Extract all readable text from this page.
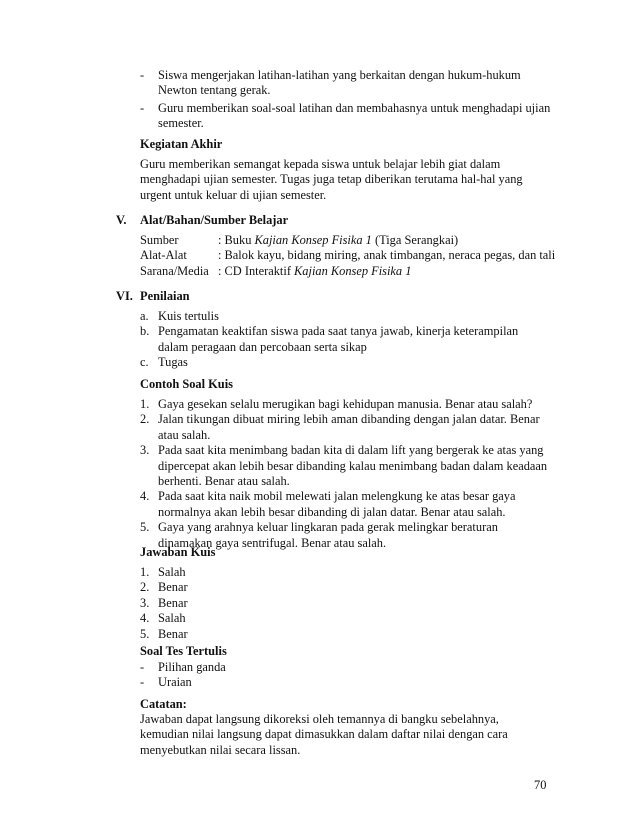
- Siswa mengerjakan latihan-latihan yang berkaitan dengan hukum-hukum Newton tentang gerak.
- Guru memberikan soal-soal latihan dan membahasnya untuk menghadapi ujian semester.
Kegiatan Akhir
Guru memberikan semangat kepada siswa untuk belajar lebih giat dalam menghadapi ujian semester. Tugas juga tetap diberikan terutama hal-hal yang urgent untuk keluar di ujian semester.
V. Alat/Bahan/Sumber Belajar
Sumber	: Buku Kajian Konsep Fisika 1 (Tiga Serangkai)
Alat-Alat	: Balok kayu, bidang miring, anak timbangan, neraca pegas, dan tali
Sarana/Media : CD Interaktif Kajian Konsep Fisika 1
VI. Penilaian
a. Kuis tertulis
b. Pengamatan keaktifan siswa pada saat tanya jawab, kinerja keterampilan dalam peragaan dan percobaan serta sikap
c. Tugas
Contoh Soal Kuis
1. Gaya gesekan selalu merugikan bagi kehidupan manusia. Benar atau salah?
2. Jalan tikungan dibuat miring lebih aman dibanding dengan jalan datar. Benar atau salah.
3. Pada saat kita menimbang badan kita di dalam lift yang bergerak ke atas yang dipercepat akan lebih besar dibanding kalau menimbang badan dalam keadaan berhenti. Benar atau salah.
4. Pada saat kita naik mobil melewati jalan melengkung ke atas besar gaya normalnya akan lebih besar dibanding di jalan datar. Benar atau salah.
5. Gaya yang arahnya keluar lingkaran pada gerak melingkar beraturan dinamakan gaya sentrifugal. Benar atau salah.
Jawaban Kuis
1. Salah
2. Benar
3. Benar
4. Salah
5. Benar
Soal Tes Tertulis
- Pilihan ganda
- Uraian
Catatan:
Jawaban dapat langsung dikoreksi oleh temannya di bangku sebelahnya, kemudian nilai langsung dapat dimasukkan dalam daftar nilai dengan cara menyebutkan nilai secara lissan.
70
